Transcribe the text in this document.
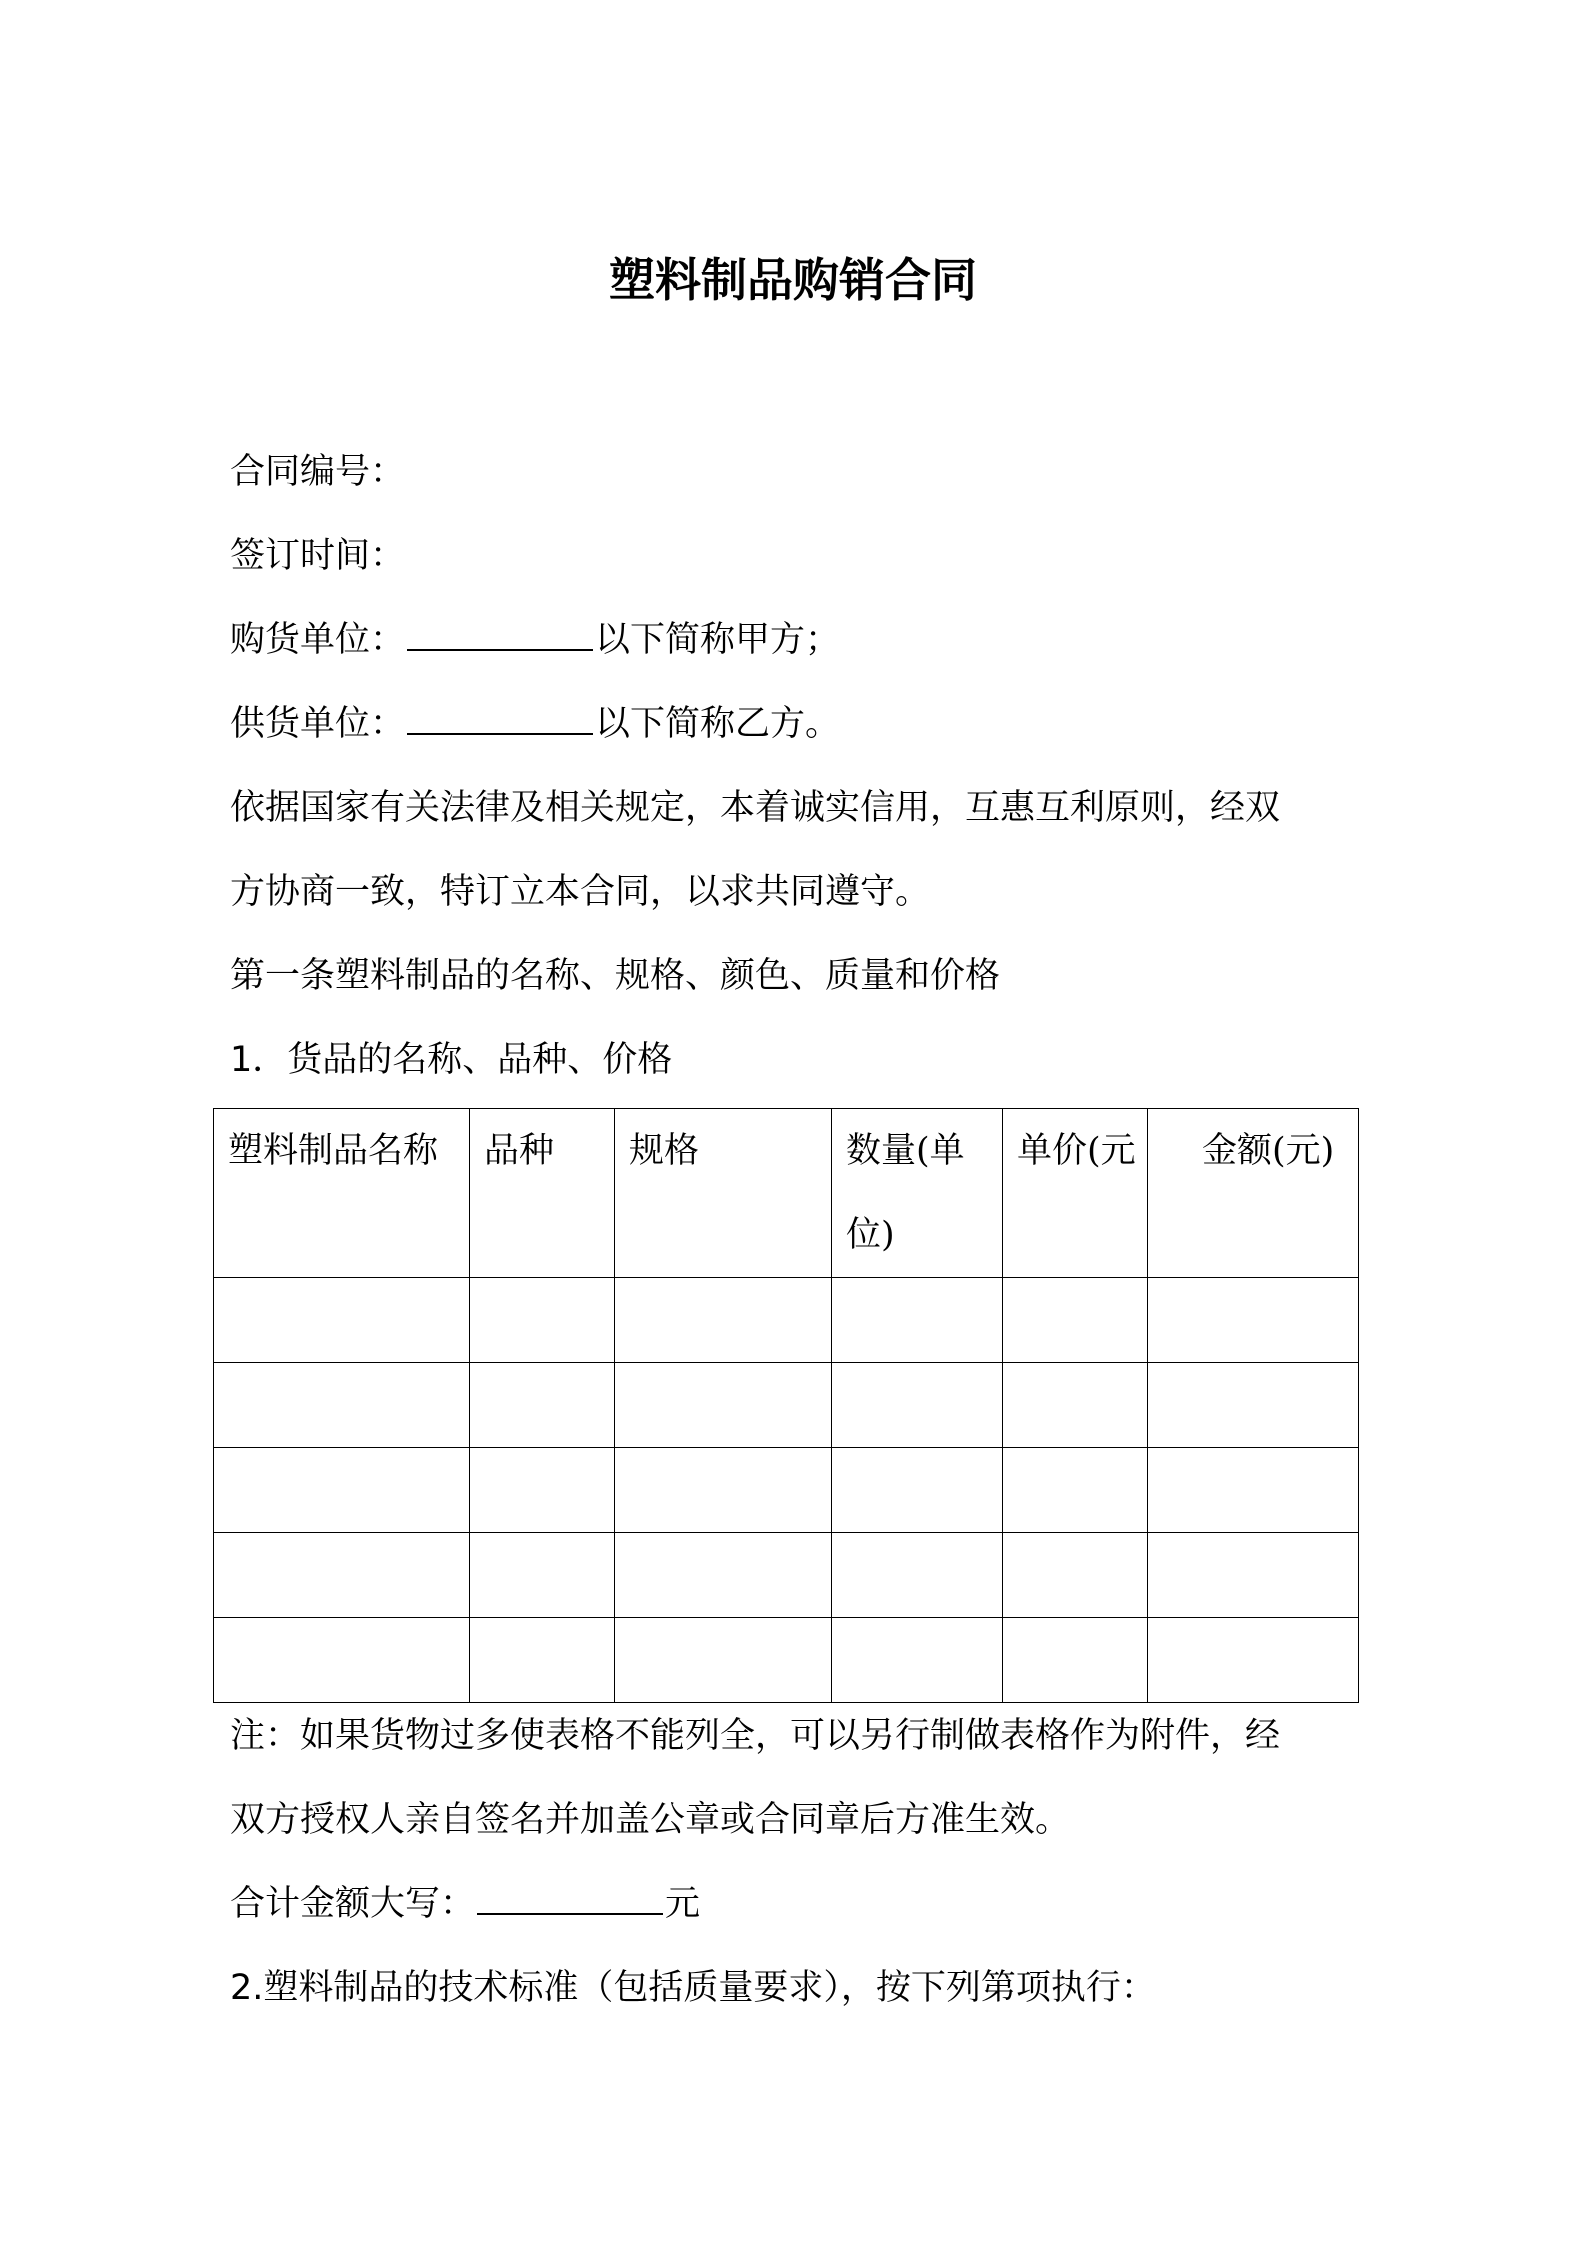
塑料制品购销合同

合同编号：

签订时间：

购货单位：	以下简称甲方；

供货单位：	以下简称乙方。

依据国家有关法律及相关规定，本着诚实信用，互惠互利原则，经双

方协商一致，特订立本合同，以求共同遵守。

第一条塑料制品的名称、规格、颜色、质量和价格

1．货品的名称、品种、价格

塑料制品名称	品种	规格	数量(单位)	单价(元	金额(元)

注：如果货物过多使表格不能列全，可以另行制做表格作为附件，经

双方授权人亲自签名并加盖公章或合同章后方准生效。

合计金额大写：	元

2.塑料制品的技术标准（包括质量要求），按下列第项执行：
